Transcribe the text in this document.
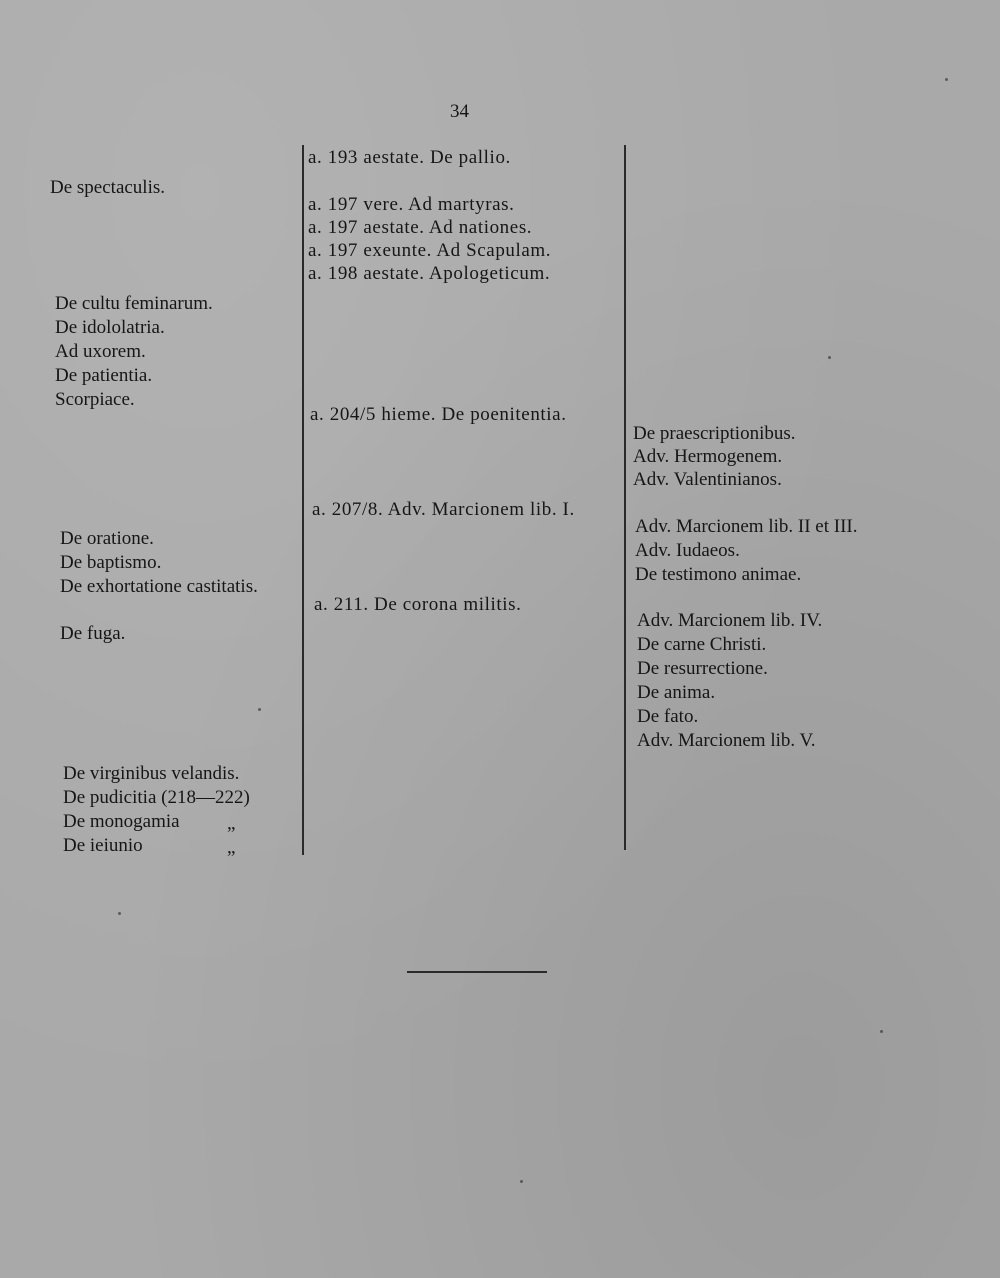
34
De spectaculis.
De cultu feminarum.
De idololatria.
Ad uxorem.
De patientia.
Scorpiace.
De oratione.
De baptismo.
De exhortatione castitatis.
De fuga.
De virginibus velandis.
De pudicitia (218—222)
De monogamia
De ieiunio
„
„
a. 193 aestate. De pallio.
a. 197 vere. Ad martyras.
a. 197 aestate. Ad nationes.
a. 197 exeunte. Ad Scapulam.
a. 198 aestate. Apologeticum.
a. 204/5 hieme. De poenitentia.
a. 207/8. Adv. Marcionem lib. I.
a. 211. De corona militis.
De praescriptionibus.
Adv. Hermogenem.
Adv. Valentinianos.
Adv. Marcionem lib. II et III.
Adv. Iudaeos.
De testimono animae.
Adv. Marcionem lib. IV.
De carne Christi.
De resurrectione.
De anima.
De fato.
Adv. Marcionem lib. V.
